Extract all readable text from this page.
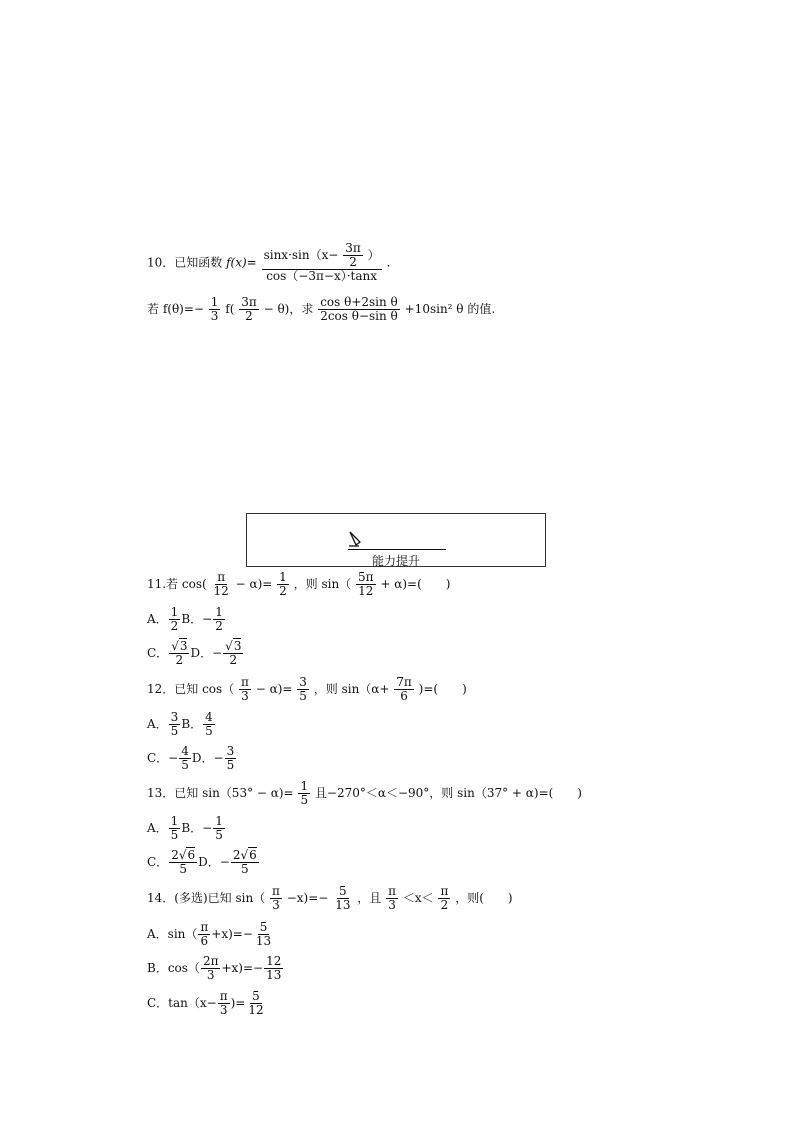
10．已知函数 $f(x)= \frac{\sin x\cdot\sin(x- \frac{3\pi}{2} )}{\cos(-3\pi-x)\cdot\tan x}$ .
若 $f(\theta)=- \frac{1}{3} f( \frac{3\pi}{2} - \theta)$，求 $\frac{\text{cos θ+2sin θ}}{\text{2cos θ−sin θ}} +10\sin^2$ θ 的值.
能力提升
11.若 $\cos( \frac{\pi}{12} - \alpha)= \frac{1}{2}$ ，则 $\sin( \frac{5\pi}{12} + \alpha)=$(　　)
A． $\frac{1}{2}$ B．− $\frac{1}{2}$
C． $\frac{√3}{2}$ D．− $\frac{√3}{2}$
12．已知 $\cos( \frac{\pi}{3} - \alpha)= \frac{3}{5}$ ，则 $\sin(\alpha+ \frac{7\pi}{6}$ )=(　　)
A． $\frac{3}{5}$ B． $\frac{4}{5}$
C．− $\frac{4}{5}$ D．− $\frac{3}{5}$
13．已知 $\sin(53^\circ - \alpha)= \frac{1}{5}$ 且−270°＜α＜−90°，则 sin（37° + α)=(　　)
A． $\frac{1}{5}$ B．− $\frac{1}{5}$
C． $\frac{2√6}{5}$ D．− $\frac{2√6}{5}$
14．(多选)已知 $\sin( \frac{\pi}{3} -x)=- \frac{5}{13}$ ，且 $\frac{\pi}{3} <x< \frac{\pi}{2}$ ，则(　　)
A．$\sin( \frac{\pi}{6} +x)=- \frac{5}{13}$
B．$\cos( \frac{2\pi}{3} +x)=- \frac{12}{13}$
C．$\tan(x- \frac{\pi}{3}$ )= $\frac{5}{12}$
